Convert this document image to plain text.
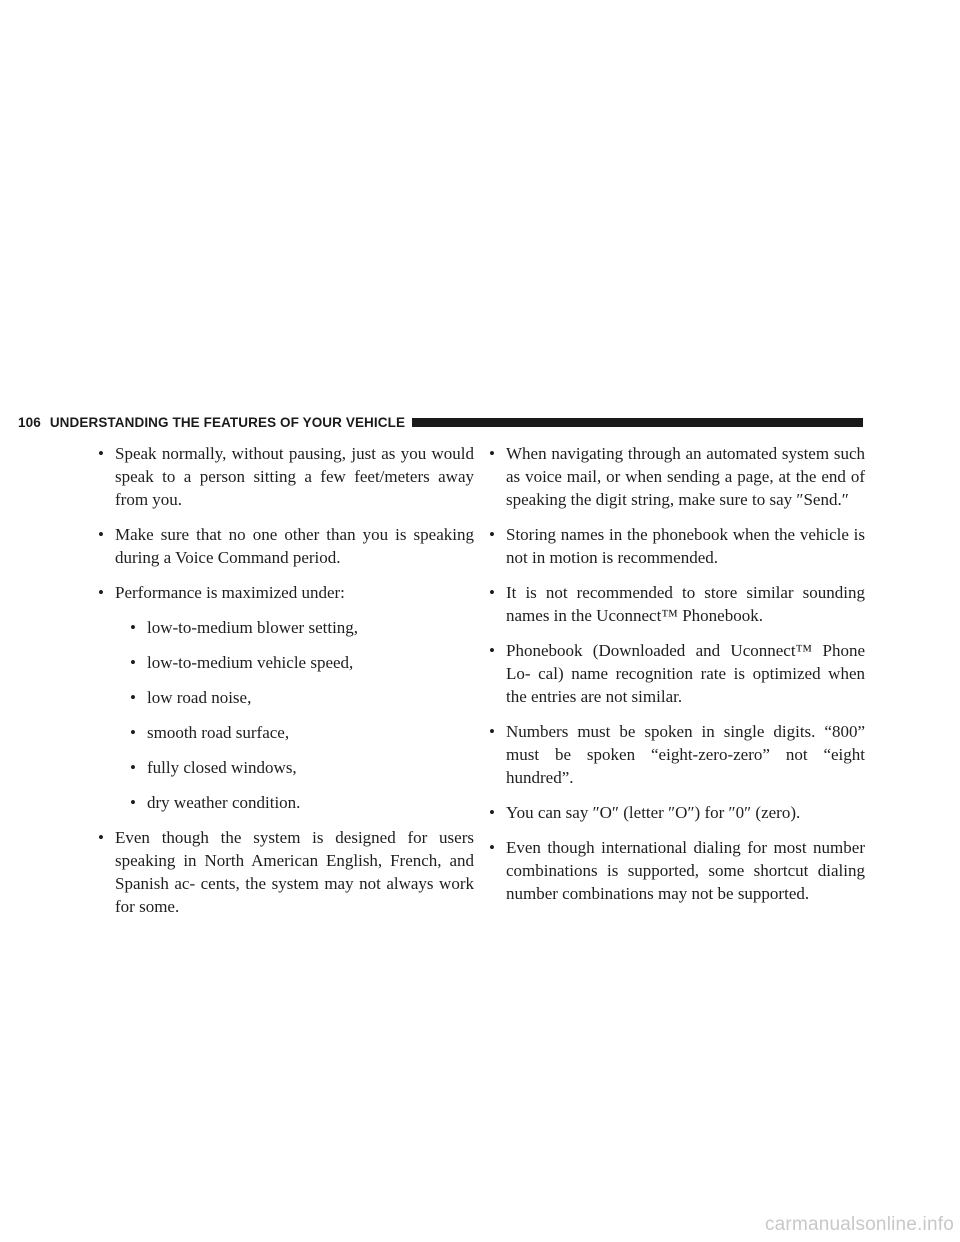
106 UNDERSTANDING THE FEATURES OF YOUR VEHICLE
• Speak normally, without pausing, just as you would speak to a person sitting a few feet/meters away from you.
• Make sure that no one other than you is speaking during a Voice Command period.
• Performance is maximized under:
• low-to-medium blower setting,
• low-to-medium vehicle speed,
• low road noise,
• smooth road surface,
• fully closed windows,
• dry weather condition.
• Even though the system is designed for users speaking in North American English, French, and Spanish ac- cents, the system may not always work for some.
• When navigating through an automated system such as voice mail, or when sending a page, at the end of speaking the digit string, make sure to say ″Send.″
• Storing names in the phonebook when the vehicle is not in motion is recommended.
• It is not recommended to store similar sounding names in the Uconnect™ Phonebook.
• Phonebook (Downloaded and Uconnect™ Phone Lo- cal) name recognition rate is optimized when the entries are not similar.
• Numbers must be spoken in single digits. “800” must be spoken “eight-zero-zero” not “eight hundred”.
• You can say ″O″ (letter ″O″) for ″0″ (zero).
• Even though international dialing for most number combinations is supported, some shortcut dialing number combinations may not be supported.
carmanualsonline.info
